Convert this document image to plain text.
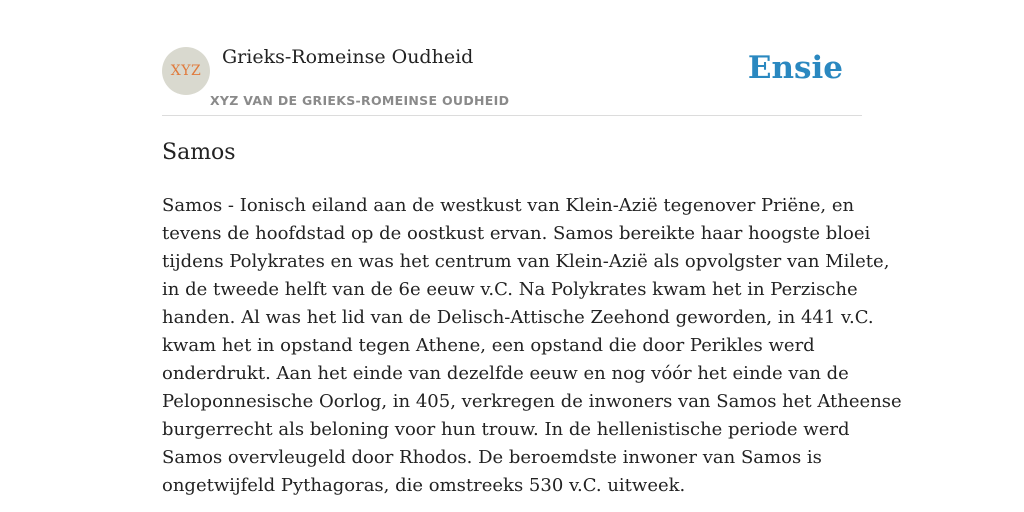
XYZ
Grieks-Romeinse Oudheid
XYZ VAN DE GRIEKS-ROMEINSE OUDHEID
Ensie
Samos

Samos - Ionisch eiland aan de westkust van Klein-Azië tegenover Priëne, en
tevens de hoofdstad op de oostkust ervan. Samos bereikte haar hoogste bloei
tijdens Polykrates en was het centrum van Klein-Azië als opvolgster van Milete,
in de tweede helft van de 6e eeuw v.C. Na Polykrates kwam het in Perzische
handen. Al was het lid van de Delisch-Attische Zeehond geworden, in 441 v.C.
kwam het in opstand tegen Athene, een opstand die door Perikles werd
onderdrukt. Aan het einde van dezelfde eeuw en nog vóór het einde van de
Peloponnesische Oorlog, in 405, verkregen de inwoners van Samos het Atheense
burgerrecht als beloning voor hun trouw. In de hellenistische periode werd
Samos overvleugeld door Rhodos. De beroemdste inwoner van Samos is
ongetwijfeld Pythagoras, die omstreeks 530 v.C. uitweek.
